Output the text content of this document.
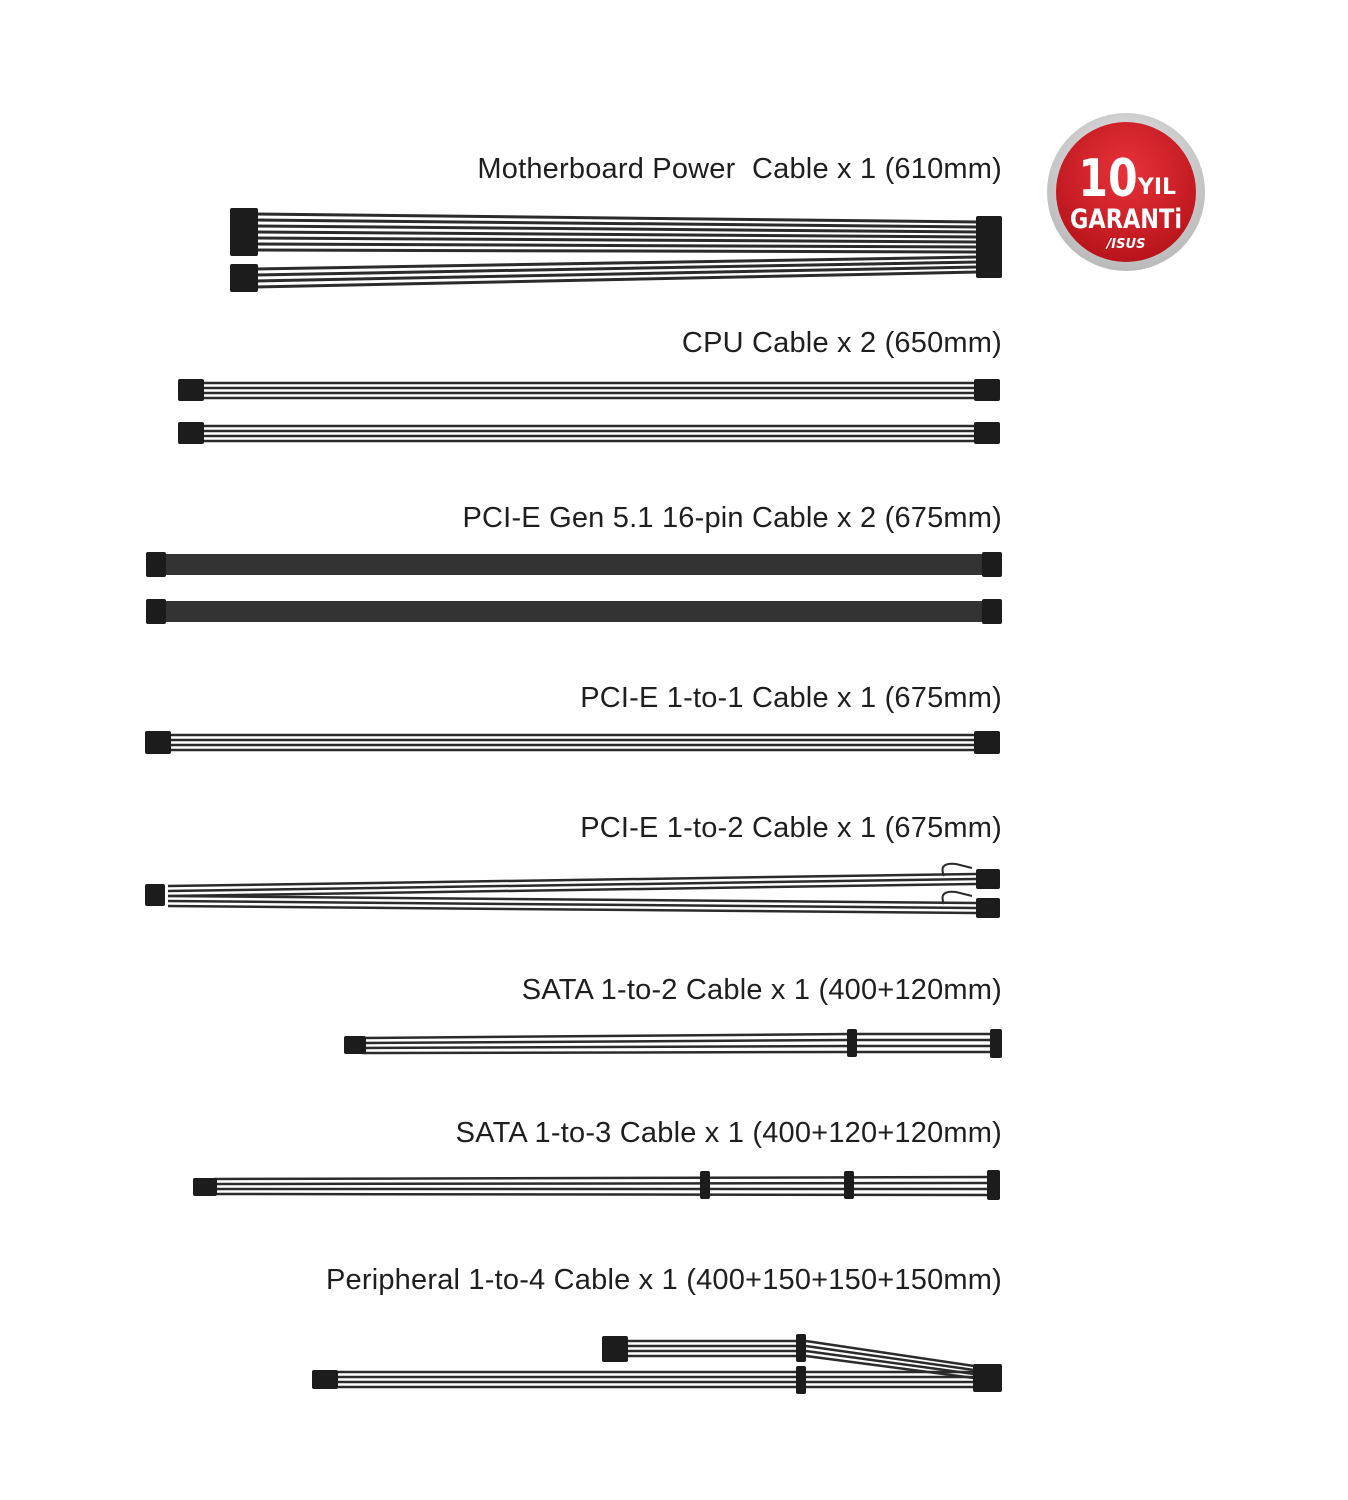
Motherboard Power  Cable x 1 (610mm)
CPU Cable x 2 (650mm)
PCI-E Gen 5.1 16-pin Cable x 2 (675mm)
PCI-E 1-to-1 Cable x 1 (675mm)
PCI-E 1-to-2 Cable x 1 (675mm)
SATA 1-to-2 Cable x 1 (400+120mm)
SATA 1-to-3 Cable x 1 (400+120+120mm)
Peripheral 1-to-4 Cable x 1 (400+150+150+150mm)
10 YIL
GARANTi
/ISUS
